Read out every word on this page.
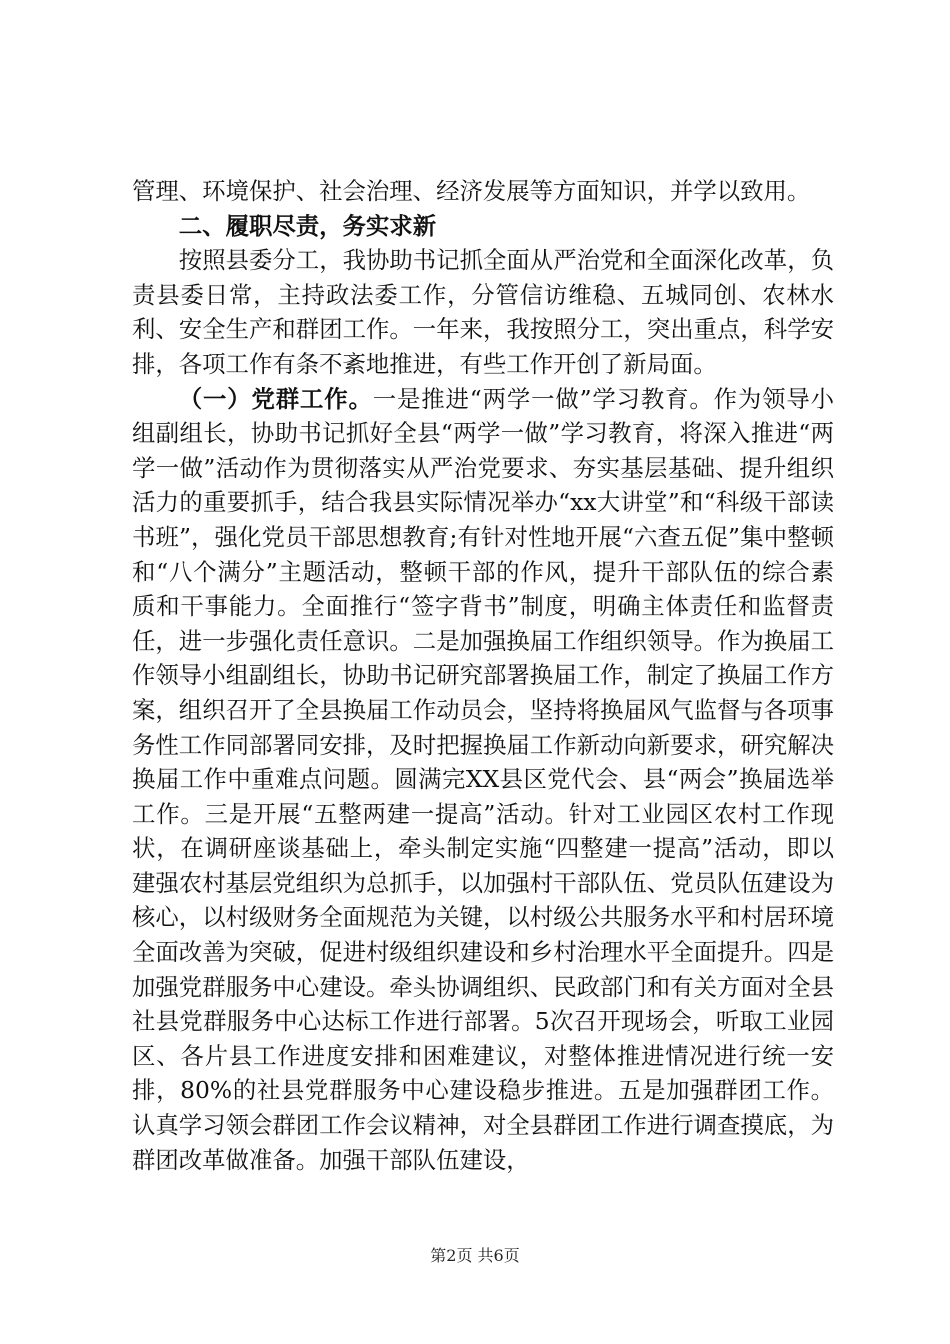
管理、环境保护、社会治理、经济发展等方面知识，并学以致用。

二、履职尽责，务实求新

按照县委分工，我协助书记抓全面从严治党和全面深化改革，负责县委日常，主持政法委工作，分管信访维稳、五城同创、农林水利、安全生产和群团工作。一年来，我按照分工，突出重点，科学安排，各项工作有条不紊地推进，有些工作开创了新局面。

（一）党群工作。一是推进“两学一做”学习教育。作为领导小组副组长，协助书记抓好全县“两学一做”学习教育，将深入推进“两学一做”活动作为贯彻落实从严治党要求、夯实基层基础、提升组织活力的重要抓手，结合我县实际情况举办“xx大讲堂”和“科级干部读书班”，强化党员干部思想教育;有针对性地开展“六查五促”集中整顿和“八个满分”主题活动，整顿干部的作风，提升干部队伍的综合素质和干事能力。全面推行“签字背书”制度，明确主体责任和监督责任，进一步强化责任意识。二是加强换届工作组织领导。作为换届工作领导小组副组长，协助书记研究部署换届工作，制定了换届工作方案，组织召开了全县换届工作动员会，坚持将换届风气监督与各项事务性工作同部署同安排，及时把握换届工作新动向新要求，研究解决换届工作中重难点问题。圆满完XX县区党代会、县“两会”换届选举工作。三是开展“五整两建一提高”活动。针对工业园区农村工作现状，在调研座谈基础上，牵头制定实施“四整建一提高”活动，即以建强农村基层党组织为总抓手，以加强村干部队伍、党员队伍建设为核心，以村级财务全面规范为关键，以村级公共服务水平和村居环境全面改善为突破，促进村级组织建设和乡村治理水平全面提升。四是加强党群服务中心建设。牵头协调组织、民政部门和有关方面对全县社县党群服务中心达标工作进行部署。5次召开现场会，听取工业园区、各片县工作进度安排和困难建议，对整体推进情况进行统一安排，80%的社县党群服务中心建设稳步推进。五是加强群团工作。认真学习领会群团工作会议精神，对全县群团工作进行调查摸底，为群团改革做准备。加强干部队伍建设，

第2页 共6页
